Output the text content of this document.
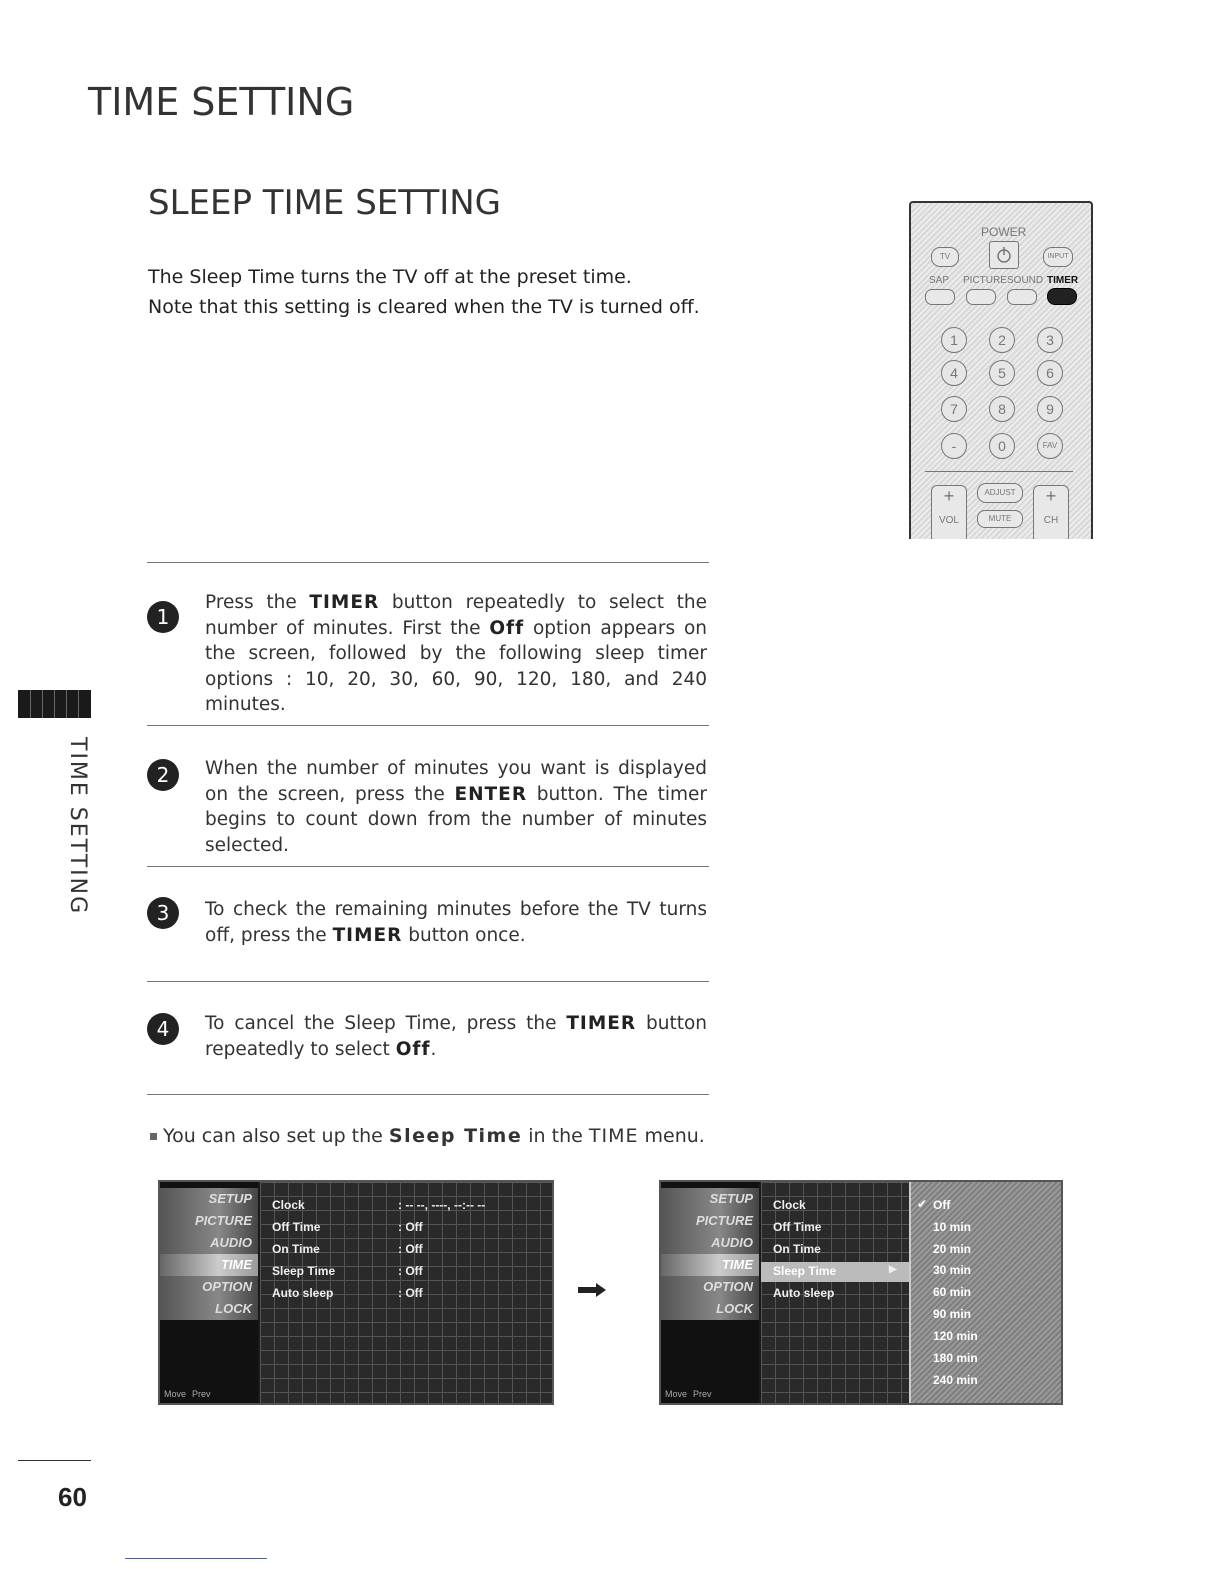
TIME SETTING
SLEEP TIME SETTING
The Sleep Time turns the TV off at the preset time.
Note that this setting is cleared when the TV is turned off.
POWER
TV	INPUT
SAP PICTURE SOUND TIMER
1	2	3
4	5	6
7	8	9
-	0	FAV
+
VOL
ADJUST
MUTE
+
CH
1
Press the TIMER button repeatedly to select the number of minutes. First the Off option appears on the screen, followed by the following sleep timer options : 10, 20, 30, 60, 90, 120, 180, and 240 minutes.
2	When the number of minutes you want is displayed on the screen, press the ENTER button. The timer begins to count down from the number of minutes selected.
3	To check the remaining minutes before the TV turns off, press the TIMER button once.
4	To cancel the Sleep Time, press the TIMER button repeatedly to select Off.
You can also set up the Sleep Time in the TIME menu.
SETUP
PICTURE
AUDIO
TIME
OPTION
LOCK
Move Prev
Clock	: -- --, ----, --:-- --
Off Time	: Off
On Time	: Off
Sleep Time	: Off
Auto sleep	: Off
SETUP
PICTURE
AUDIO
TIME
OPTION
LOCK
Move Prev
Clock
Off Time
On Time
Sleep Time	▶
Auto sleep
✔ Off
10 min
20 min
30 min
60 min
90 min
120 min
180 min
240 min
TIME SETTING
60
